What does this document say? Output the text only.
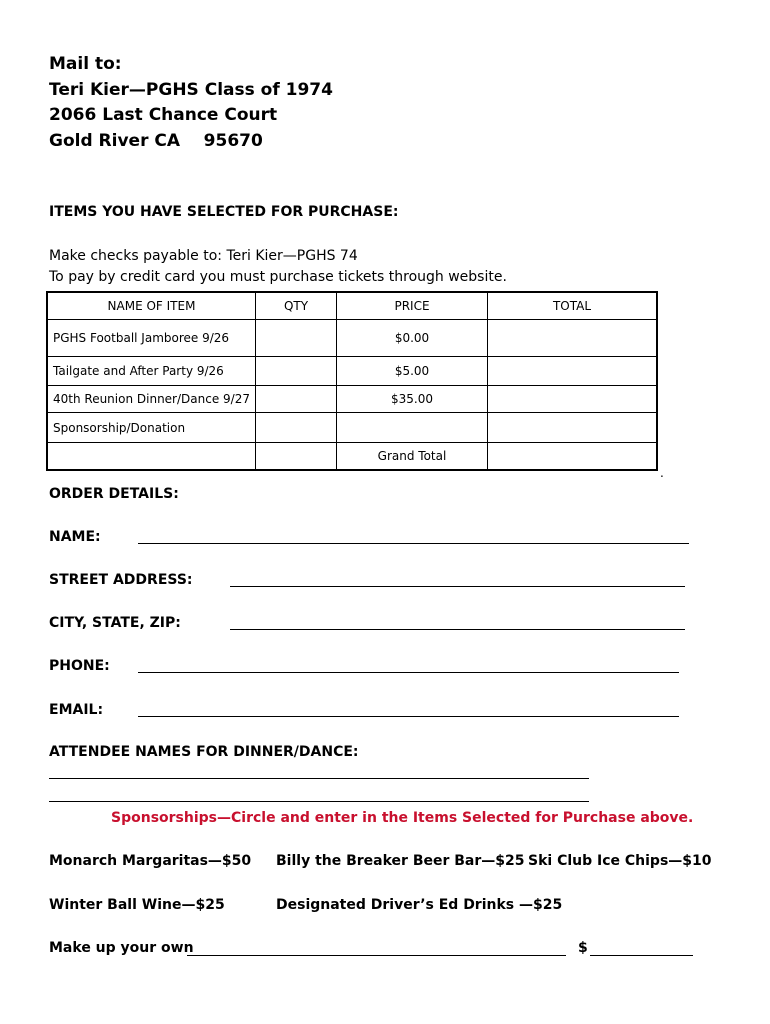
Mail to:
Teri Kier—PGHS Class of 1974
2066 Last Chance Court
Gold River CA    95670
ITEMS YOU HAVE SELECTED FOR PURCHASE:
Make checks payable to: Teri Kier—PGHS 74
To pay by credit card you must purchase tickets through website.
NAME OF ITEM	QTY	PRICE	TOTAL
PGHS Football Jamboree 9/26		$0.00	
Tailgate and After Party 9/26		$5.00	
40th Reunion Dinner/Dance 9/27		$35.00	
Sponsorship/Donation			
		Grand Total	
.
ORDER DETAILS:
NAME:
STREET ADDRESS:
CITY, STATE, ZIP:
PHONE:
EMAIL:
ATTENDEE NAMES FOR DINNER/DANCE:
Sponsorships—Circle and enter in the Items Selected for Purchase above.
Monarch Margaritas—$50 Billy the Breaker Beer Bar—$25 Ski Club Ice Chips—$10
Winter Ball Wine—$25	Designated Driver’s Ed Drinks —$25
Make up your own	$
